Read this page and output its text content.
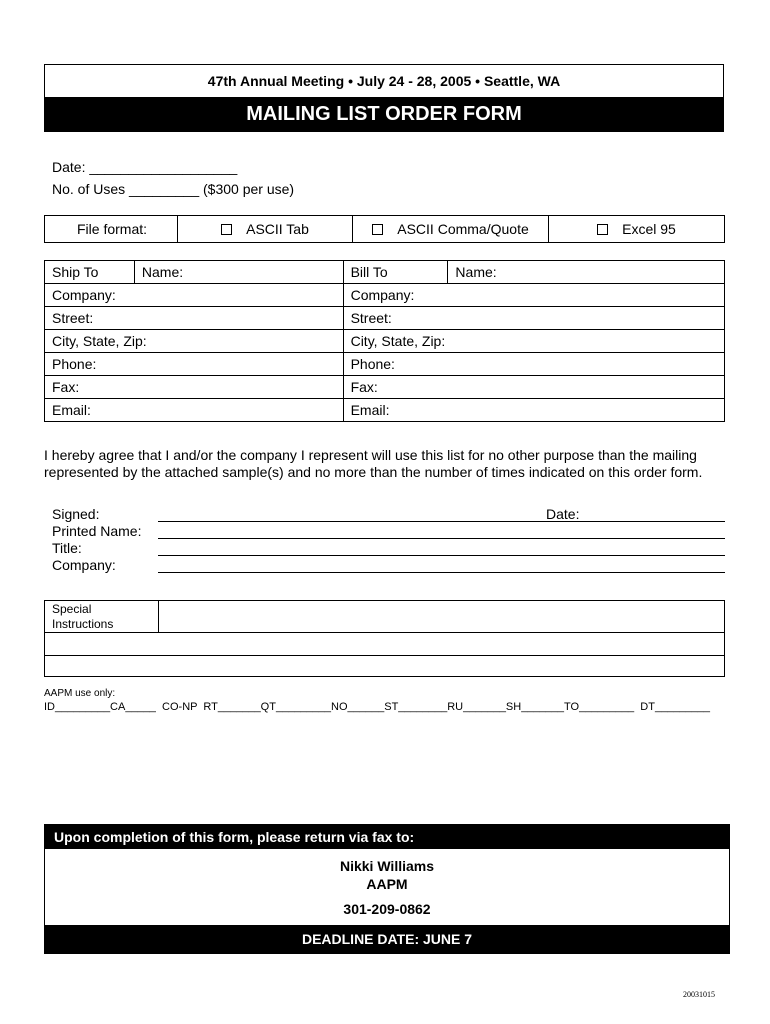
47th Annual Meeting • July 24 - 28, 2005 • Seattle, WA
MAILING LIST ORDER FORM
Date: ___________________
No. of Uses _________ ($300 per use)
File format:	ASCII Tab	ASCII Comma/Quote	Excel 95
Ship To	Name:	Bill To	Name:
Company:		Company:	
Street:		Street:	
City, State, Zip:		City, State, Zip:	
Phone:		Phone:	
Fax:		Fax:	
Email:		Email:	
I hereby agree that I and/or the company I represent will use this list for no other purpose than the mailing represented by the attached sample(s) and no more than the number of times indicated on this order form.
Signed:	Date:
Printed Name:
Title:
Company:
Special
Instructions
AAPM use only:
ID_________CA_____  CO-NP  RT_______QT_________NO______ST________RU_______SH_______TO_________  DT_________
Upon completion of this form, please return via fax to:
Nikki Williams
AAPM
301-209-0862
DEADLINE DATE: JUNE 7
20031015
